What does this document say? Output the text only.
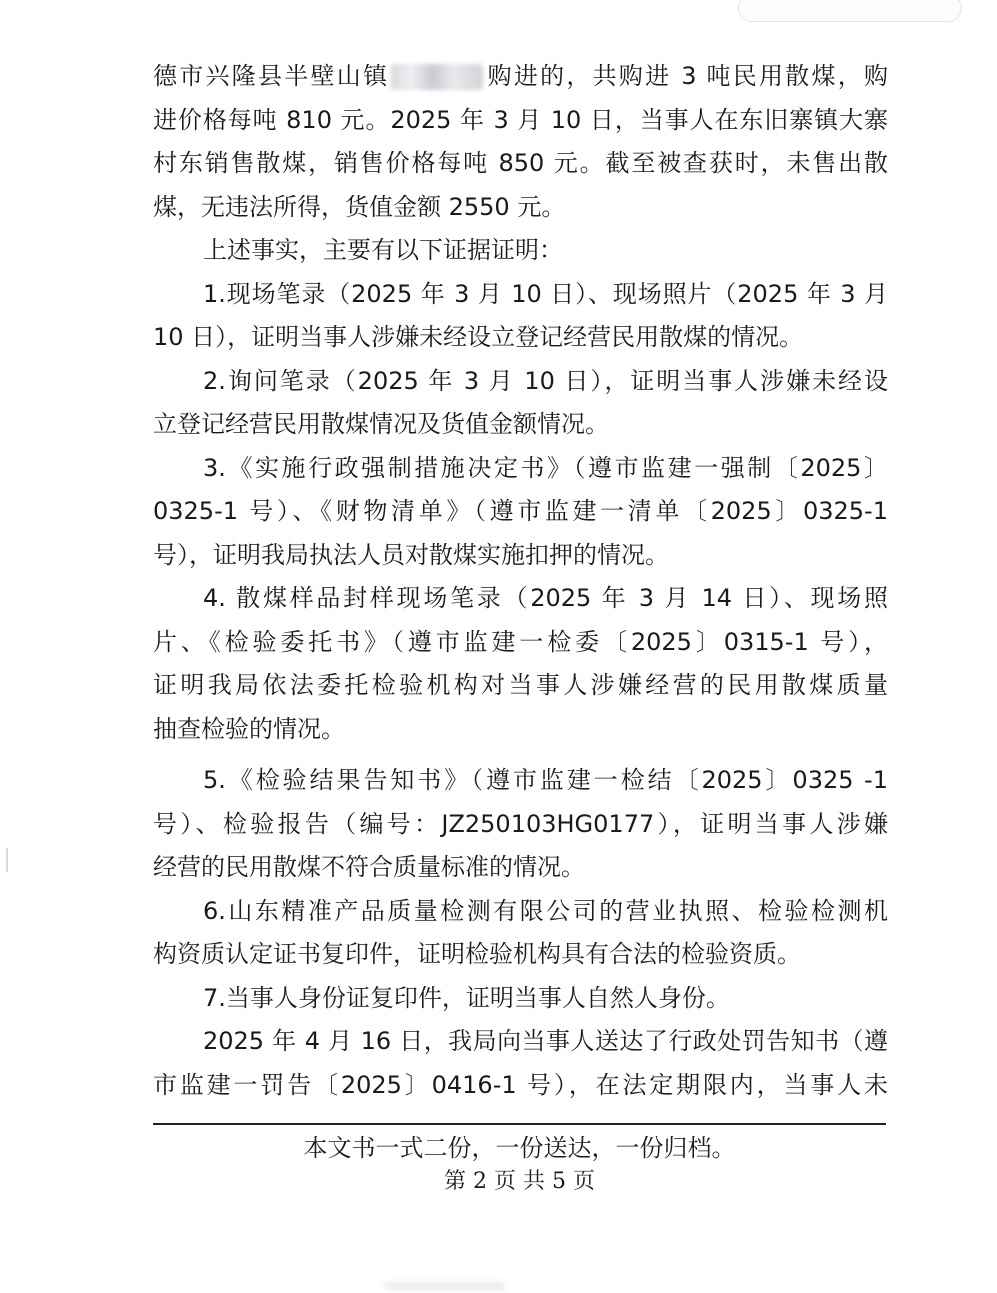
德市兴隆县半壁山镇	购进的，共购进 3 吨民用散煤，购
进价格每吨 810 元。2025 年 3 月 10 日，当事人在东旧寨镇大寨
村东销售散煤，销售价格每吨 850 元。截至被查获时，未售出散
煤，无违法所得，货值金额 2550 元。
上述事实，主要有以下证据证明：
1.现场笔录（2025 年 3 月 10 日）、现场照片（2025 年 3 月
10 日），证明当事人涉嫌未经设立登记经营民用散煤的情况。
2.询问笔录（2025 年 3 月 10 日），证明当事人涉嫌未经设
立登记经营民用散煤情况及货值金额情况。
3.《实施行政强制措施决定书》（遵市监建一强制〔2025〕
0325-1 号）、《财物清单》（遵市监建一清单〔2025〕0325-1
号），证明我局执法人员对散煤实施扣押的情况。
4. 散煤样品封样现场笔录（2025 年 3 月 14 日）、现场照
片、《检验委托书》（遵市监建一检委〔2025〕0315-1 号），
证明我局依法委托检验机构对当事人涉嫌经营的民用散煤质量
抽查检验的情况。
5.《检验结果告知书》（遵市监建一检结〔2025〕0325 -1
号）、检验报告（编号：JZ250103HG0177），证明当事人涉嫌
经营的民用散煤不符合质量标准的情况。
6.山东精准产品质量检测有限公司的营业执照、检验检测机
构资质认定证书复印件，证明检验机构具有合法的检验资质。
7.当事人身份证复印件，证明当事人自然人身份。
2025 年 4 月 16 日，我局向当事人送达了行政处罚告知书（遵
市监建一罚告〔2025〕0416-1 号），在法定期限内，当事人未
本文书一式二份，一份送达，一份归档。
第 2 页 共 5 页
